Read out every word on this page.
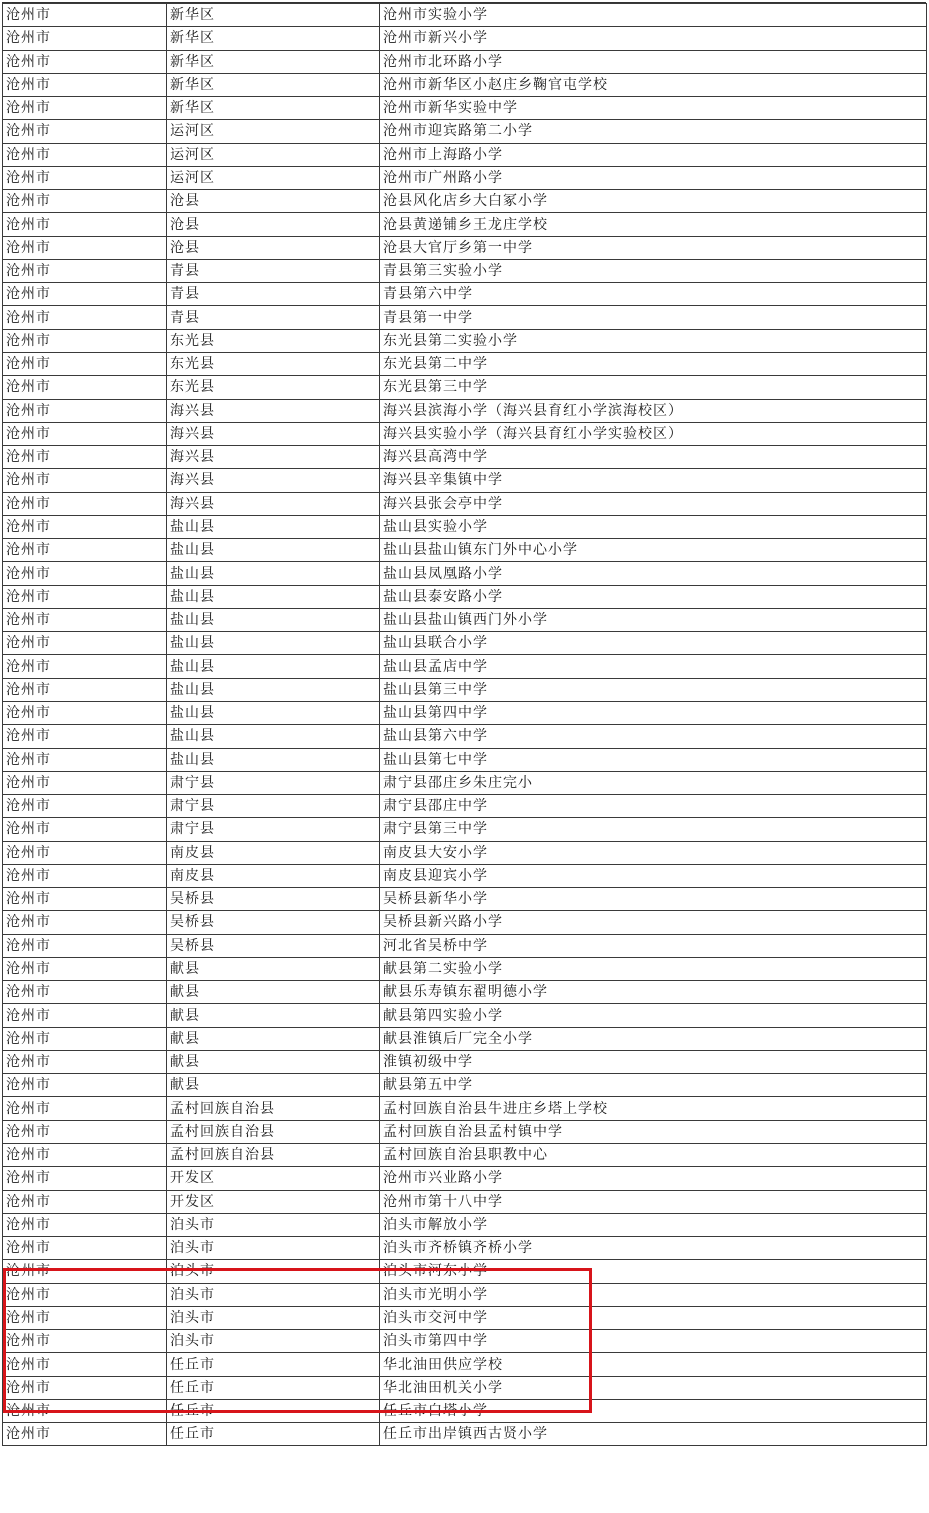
沧州市	新华区	沧州市实验小学
沧州市	新华区	沧州市新兴小学
沧州市	新华区	沧州市北环路小学
沧州市	新华区	沧州市新华区小赵庄乡鞠官屯学校
沧州市	新华区	沧州市新华实验中学
沧州市	运河区	沧州市迎宾路第二小学
沧州市	运河区	沧州市上海路小学
沧州市	运河区	沧州市广州路小学
沧州市	沧县	沧县风化店乡大白冢小学
沧州市	沧县	沧县黄递铺乡王龙庄学校
沧州市	沧县	沧县大官厅乡第一中学
沧州市	青县	青县第三实验小学
沧州市	青县	青县第六中学
沧州市	青县	青县第一中学
沧州市	东光县	东光县第二实验小学
沧州市	东光县	东光县第二中学
沧州市	东光县	东光县第三中学
沧州市	海兴县	海兴县滨海小学（海兴县育红小学滨海校区）
沧州市	海兴县	海兴县实验小学（海兴县育红小学实验校区）
沧州市	海兴县	海兴县高湾中学
沧州市	海兴县	海兴县辛集镇中学
沧州市	海兴县	海兴县张会亭中学
沧州市	盐山县	盐山县实验小学
沧州市	盐山县	盐山县盐山镇东门外中心小学
沧州市	盐山县	盐山县凤凰路小学
沧州市	盐山县	盐山县泰安路小学
沧州市	盐山县	盐山县盐山镇西门外小学
沧州市	盐山县	盐山县联合小学
沧州市	盐山县	盐山县孟店中学
沧州市	盐山县	盐山县第三中学
沧州市	盐山县	盐山县第四中学
沧州市	盐山县	盐山县第六中学
沧州市	盐山县	盐山县第七中学
沧州市	肃宁县	肃宁县邵庄乡朱庄完小
沧州市	肃宁县	肃宁县邵庄中学
沧州市	肃宁县	肃宁县第三中学
沧州市	南皮县	南皮县大安小学
沧州市	南皮县	南皮县迎宾小学
沧州市	吴桥县	吴桥县新华小学
沧州市	吴桥县	吴桥县新兴路小学
沧州市	吴桥县	河北省吴桥中学
沧州市	献县	献县第二实验小学
沧州市	献县	献县乐寿镇东翟明德小学
沧州市	献县	献县第四实验小学
沧州市	献县	献县淮镇后厂完全小学
沧州市	献县	淮镇初级中学
沧州市	献县	献县第五中学
沧州市	孟村回族自治县	孟村回族自治县牛进庄乡塔上学校
沧州市	孟村回族自治县	孟村回族自治县孟村镇中学
沧州市	孟村回族自治县	孟村回族自治县职教中心
沧州市	开发区	沧州市兴业路小学
沧州市	开发区	沧州市第十八中学
沧州市	泊头市	泊头市解放小学
沧州市	泊头市	泊头市齐桥镇齐桥小学
沧州市	泊头市	泊头市河东小学
沧州市	泊头市	泊头市光明小学
沧州市	泊头市	泊头市交河中学
沧州市	泊头市	泊头市第四中学
沧州市	任丘市	华北油田供应学校
沧州市	任丘市	华北油田机关小学
沧州市	任丘市	任丘市白塔小学
沧州市	任丘市	任丘市出岸镇西古贤小学
